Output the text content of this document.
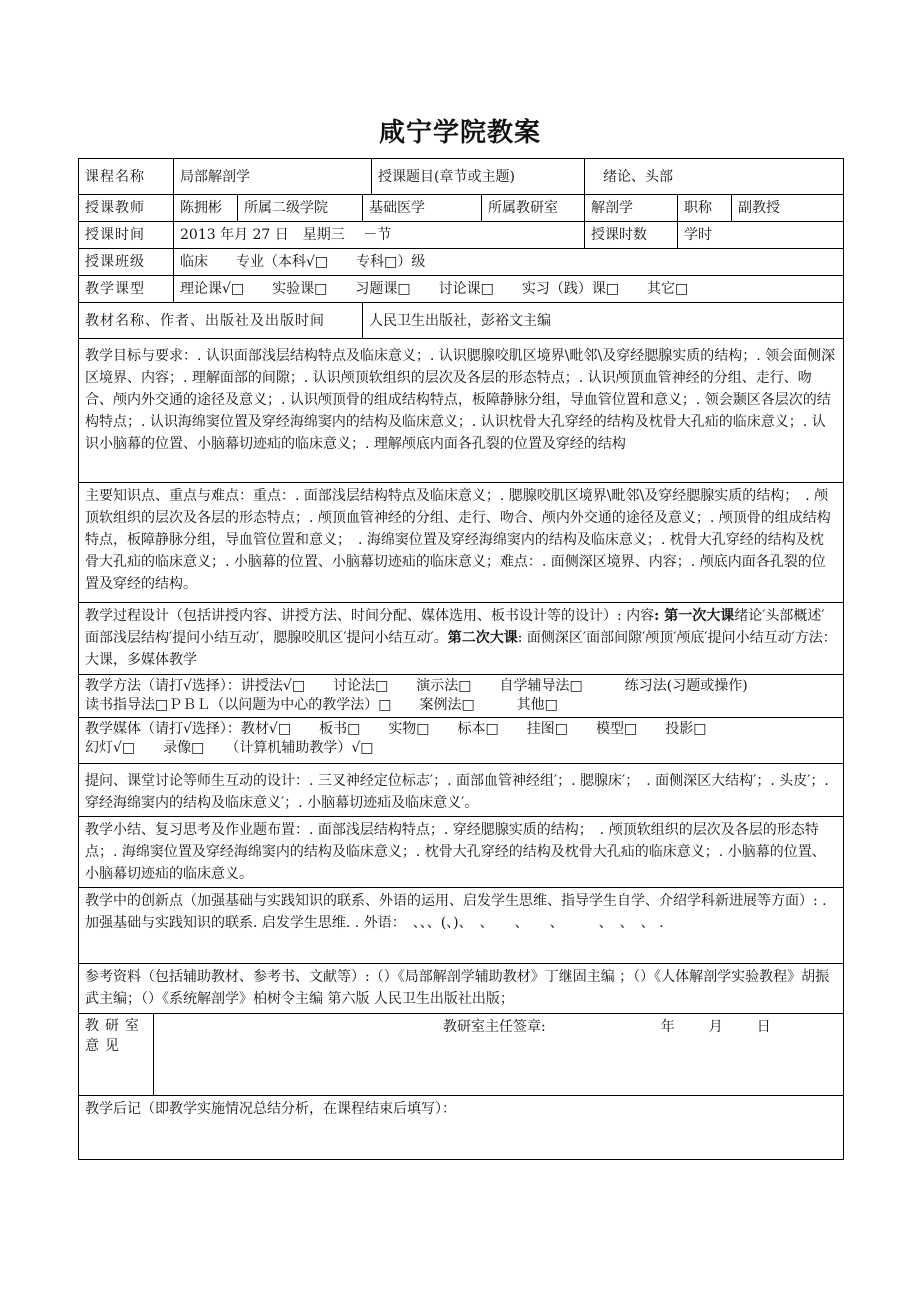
咸宁学院教案
课程名称		局部解剖学			授课题目(章节或主题)		绪论、头部		
授课教师		陈拥彬	所属二级学院	基础医学		所属教研室	解剖学	职称	副教授
授课时间		2013 年月 27 日　星期三　 －节					授课时数	学时	
授课班级		临床　　专业（本科√□　　专科□）级							
教学课型		理论课√□　　实验课□　　习题课□　　讨论课□　　实习（践）课□　　其它□							
教材名称、作者、出版社及出版时间				人民卫生出版社，彭裕文主编					
教学目标与要求：. 认识面部浅层结构特点及临床意义；. 认识腮腺咬肌区境界\毗邻\及穿经腮腺实质的结构；. 领会面侧深区境界、内容；. 理解面部的间隙；. 认识颅顶软组织的层次及各层的形态特点；. 认识颅顶血管神经的分组、走行、吻合、颅内外交通的途径及意义；. 认识颅顶骨的组成结构特点，板障静脉分组，导血管位置和意义；. 领会颞区各层次的结构特点；. 认识海绵窦位置及穿经海绵窦内的结构及临床意义；. 认识枕骨大孔穿经的结构及枕骨大孔疝的临床意义；. 认识小脑幕的位置、小脑幕切迹疝的临床意义；. 理解颅底内面各孔裂的位置及穿经的结构									
主要知识点、重点与难点：重点：. 面部浅层结构特点及临床意义；. 腮腺咬肌区境界\毗邻\及穿经腮腺实质的结构；　. 颅顶软组织的层次及各层的形态特点；. 颅顶血管神经的分组、走行、吻合、颅内外交通的途径及意义；. 颅顶骨的组成结构特点，板障静脉分组，导血管位置和意义；　. 海绵窦位置及穿经海绵窦内的结构及临床意义；. 枕骨大孔穿经的结构及枕骨大孔疝的临床意义；. 小脑幕的位置、小脑幕切迹疝的临床意义；难点：. 面侧深区境界、内容；. 颅底内面各孔裂的位置及穿经的结构。									
教学过程设计（包括讲授内容、讲授方法、时间分配、媒体选用、板书设计等的设计）: 内容: 第一次大课绪论′头部概述′面部浅层结构′提问小结互动′，腮腺咬肌区′提问小结互动′。第二次大课: 面侧深区′面部间隙′颅顶′颅底′提问小结互动′方法：大课，多媒体教学									

教学方法（请打√选择）：讲授法√□　　讨论法□　　演示法□　　自学辅导法□　　　练习法(习题或操作)
读书指导法□ＰＢＬ（以问题为中心的教学法）□　　案例法□　　　其他□									

教学媒体（请打√选择）：教材√□　　板书□　　实物□　　标本□　　挂图□　　模型□　　投影□
幻灯√□　　录像□　　（计算机辅助教学）√□									

提问、课堂讨论等师生互动的设计：. 三叉神经定位标志′；. 面部血管神经组′；. 腮腺床′；　. 面侧深区大结构′；. 头皮′；. 穿经海绵窦内的结构及临床意义′；. 小脑幕切迹疝及临床意义′。									
教学小结、复习思考及作业题布置：. 面部浅层结构特点；. 穿经腮腺实质的结构；　. 颅顶软组织的层次及各层的形态特点；. 海绵窦位置及穿经海绵窦内的结构及临床意义；. 枕骨大孔穿经的结构及枕骨大孔疝的临床意义；. 小脑幕的位置、小脑幕切迹疝的临床意义。									
教学中的创新点（加强基础与实践知识的联系、外语的运用、启发学生思维、指导学生自学、介绍学科新进展等方面）: . 加强基础与实践知识的联系. 启发学生思维. . 外语：　、、、(、)、　、　　、　　、　　　、　、　、 .									
参考资料（包括辅助教材、参考书、文献等）:（）《局部解剖学辅助教材》丁继固主编 ；（）《人体解剖学实验教程》胡振武主编；（）《系统解剖学》柏树令主编 第六版 人民卫生出版社出版；									
教研室意见	教研室主任签章: 年 月 日								
教学后记（即教学实施情况总结分析，在课程结束后填写）：									
